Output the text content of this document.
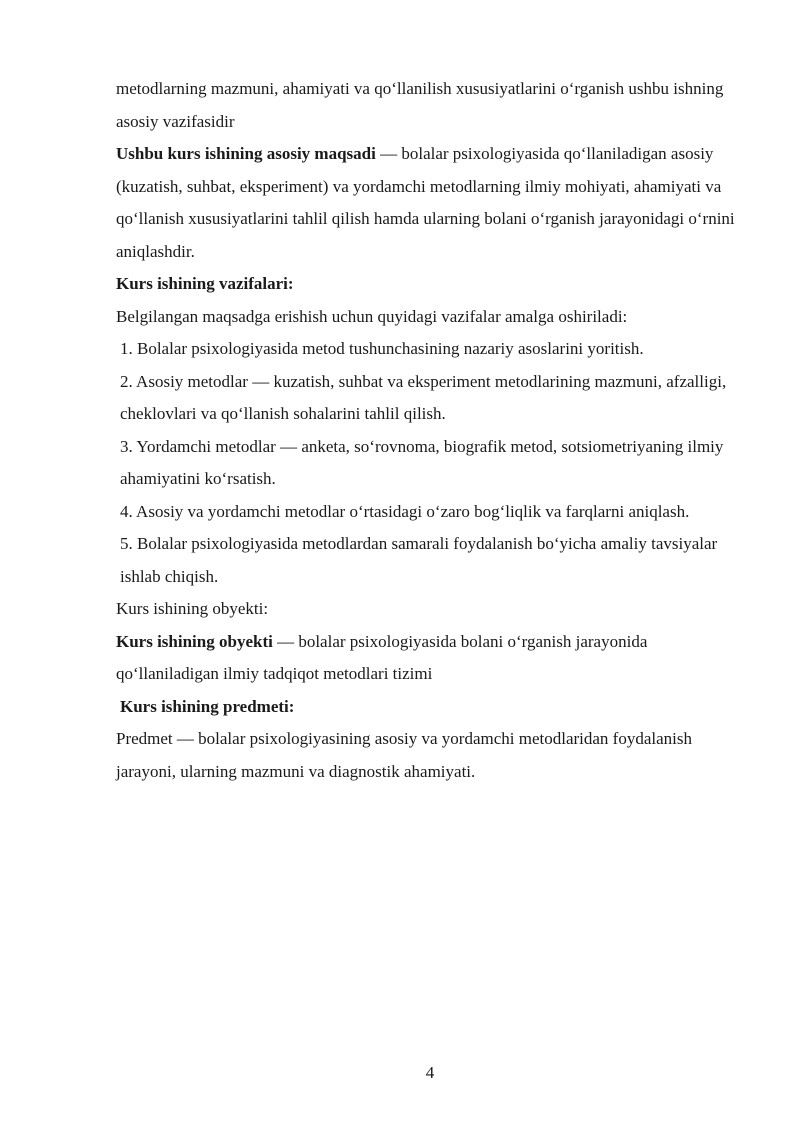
metodlarning mazmuni, ahamiyati va qo‘llanilish xususiyatlarini o‘rganish ushbu ishning asosiy vazifasidir

Ushbu kurs ishining asosiy maqsadi — bolalar psixologiyasida qo‘llaniladigan asosiy (kuzatish, suhbat, eksperiment) va yordamchi metodlarning ilmiy mohiyati, ahamiyati va qo‘llanish xususiyatlarini tahlil qilish hamda ularning bolani o‘rganish jarayonidagi o‘rnini aniqlashdir.

Kurs ishining vazifalari:

Belgilangan maqsadga erishish uchun quyidagi vazifalar amalga oshiriladi:

1. Bolalar psixologiyasida metod tushunchasining nazariy asoslarini yoritish.

2. Asosiy metodlar — kuzatish, suhbat va eksperiment metodlarining mazmuni, afzalligi, cheklovlari va qo‘llanish sohalarini tahlil qilish.

3. Yordamchi metodlar — anketa, so‘rovnoma, biografik metod, sotsiometriyaning ilmiy ahamiyatini ko‘rsatish.

4. Asosiy va yordamchi metodlar o‘rtasidagi o‘zaro bog‘liqlik va farqlarni aniqlash.

5. Bolalar psixologiyasida metodlardan samarali foydalanish bo‘yicha amaliy tavsiyalar ishlab chiqish.

Kurs ishining obyekti:

Kurs ishining obyekti — bolalar psixologiyasida bolani o‘rganish jarayonida qo‘llaniladigan ilmiy tadqiqot metodlari tizimi

Kurs ishining predmeti:

Predmet — bolalar psixologiyasining asosiy va yordamchi metodlaridan foydalanish jarayoni, ularning mazmuni va diagnostik ahamiyati.

4
